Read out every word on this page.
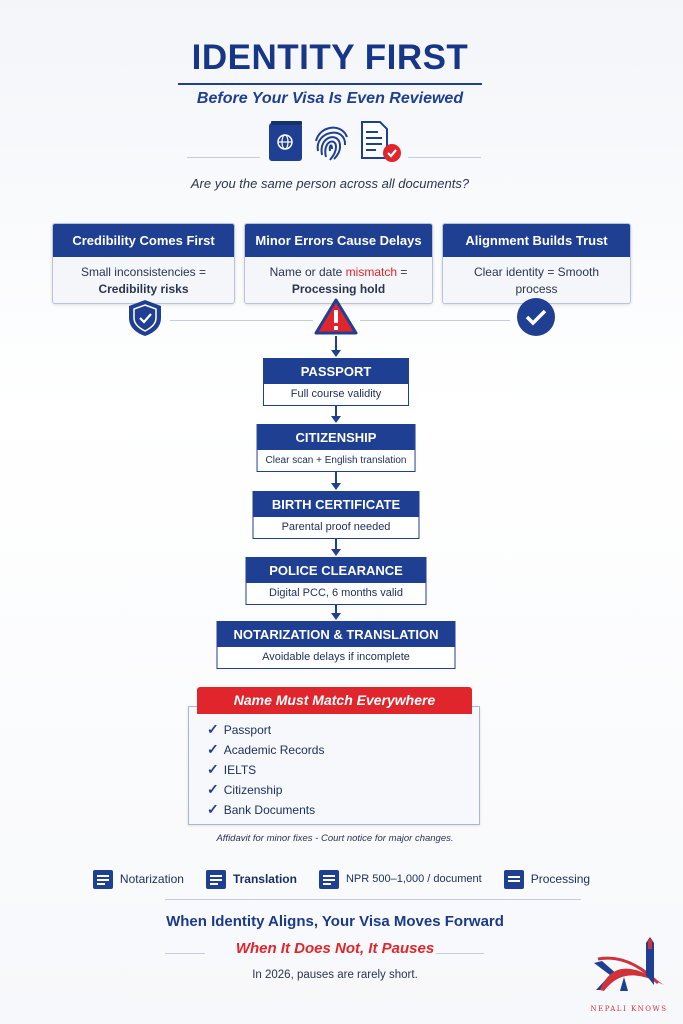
IDENTITY FIRST
Before Your Visa Is Even Reviewed
Are you the same person across all documents?
Credibility Comes First
Small inconsistencies =
Credibility risks
Minor Errors Cause Delays
Name or date mismatch =
Processing hold
Alignment Builds Trust
Clear identity = Smooth
process
PASSPORT
Full course validity
CITIZENSHIP
Clear scan + English translation
BIRTH CERTIFICATE
Parental proof needed
POLICE CLEARANCE
Digital PCC, 6 months valid
NOTARIZATION & TRANSLATION
Avoidable delays if incomplete
Name Must Match Everywhere
✓ Passport
✓ Academic Records
✓ IELTS
✓ Citizenship
✓ Bank Documents
Affidavit for minor fixes - Court notice for major changes.
Notarization	Translation	NPR 500–1,000 / document	Processing
When Identity Aligns, Your Visa Moves Forward
When It Does Not, It Pauses
In 2026, pauses are rarely short.
NEPALI KNOWS
